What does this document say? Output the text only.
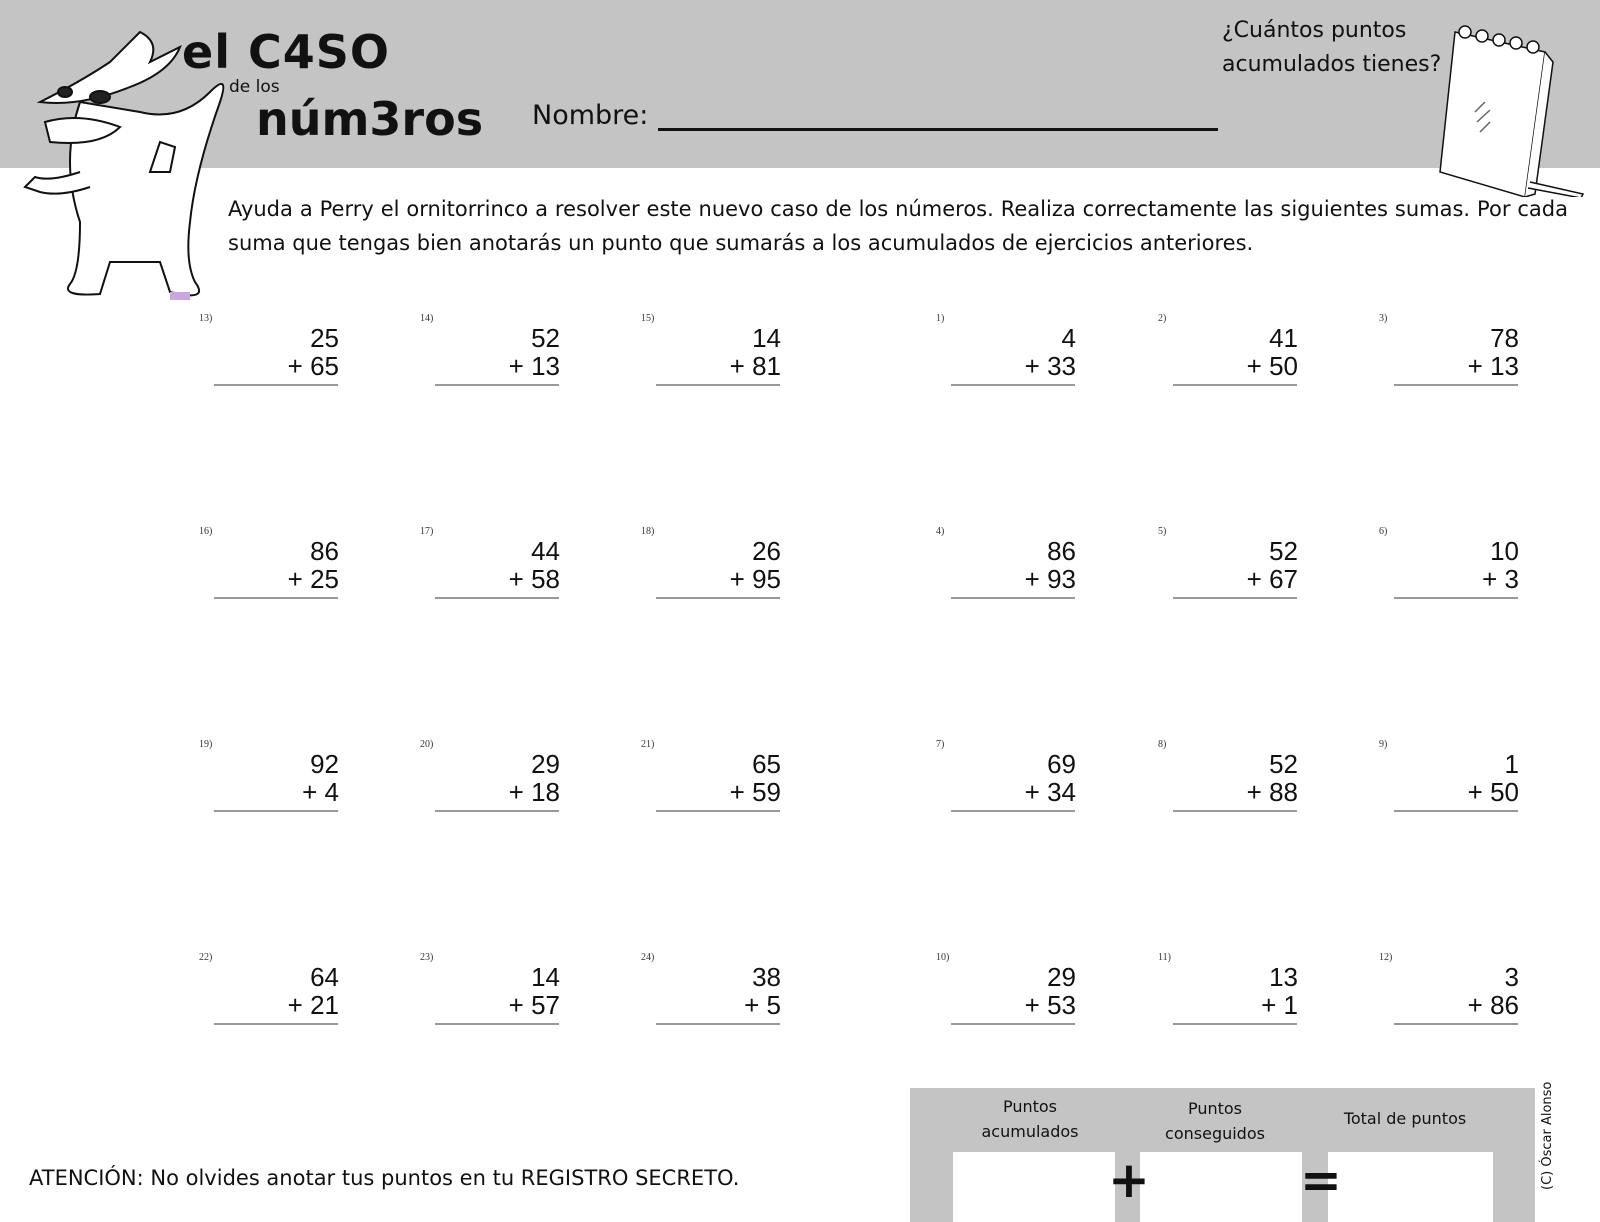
el C4SO
de los
núm3ros Nombre:
¿Cuántos puntos acumulados tienes?
Ayuda a Perry el ornitorrinco a resolver este nuevo caso de los números. Realiza correctamente las siguientes sumas. Por cada suma que tengas bien anotarás un punto que sumarás a los acumulados de ejercicios anteriores.
13)
25
+ 65
14)
52
+ 13
15)
14
+ 81
1)
4
+ 33
2)
41
+ 50
3)
78
+ 13
16)
86
+ 25
17)
44
+ 58
18)
26
+ 95
4)
86
+ 93
5)
52
+ 67
6)
10
+ 3
19)
92
+ 4
20)
29
+ 18
21)
65
+ 59
7)
69
+ 34
8)
52
+ 88
9)
1
+ 50
22)
64
+ 21
23)
14
+ 57
24)
38
+ 5
10)
29
+ 53
11)
13
+ 1
12)
3
+ 86
ATENCIÓN: No olvides anotar tus puntos en tu REGISTRO SECRETO.
Puntos
acumulados
Puntos
conseguidos
Total de puntos
+	=	(C) Óscar Alonso
